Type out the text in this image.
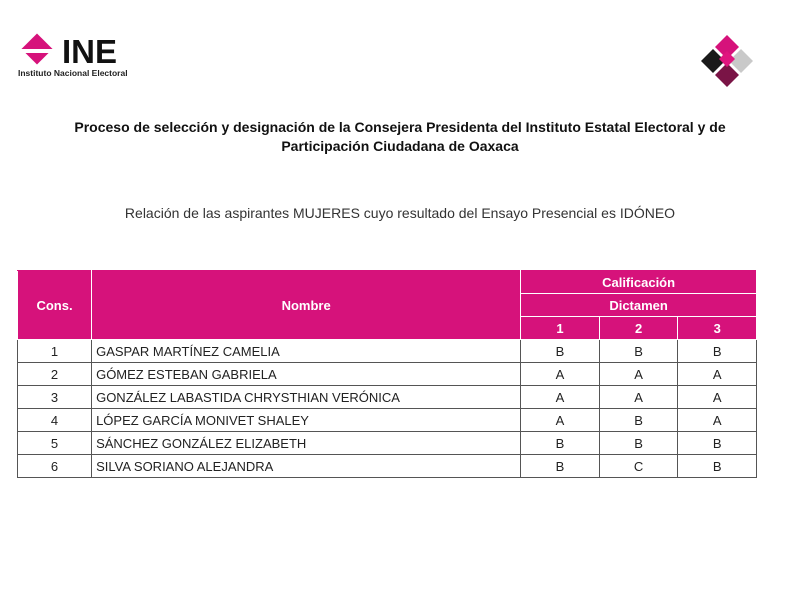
INE
Instituto Nacional Electoral
Proceso de selección y designación de la Consejera Presidenta del Instituto Estatal Electoral y de
Participación Ciudadana de Oaxaca
Relación de las aspirantes MUJERES cuyo resultado del Ensayo Presencial es IDÓNEO
Cons.	Nombre	Calificación		
		Dictamen		
		1	2	3
1	GASPAR MARTÍNEZ CAMELIA	B	B	B
2	GÓMEZ ESTEBAN GABRIELA	A	A	A
3	GONZÁLEZ LABASTIDA CHRYSTHIAN VERÓNICA	A	A	A
4	LÓPEZ GARCÍA MONIVET SHALEY	A	B	A
5	SÁNCHEZ GONZÁLEZ ELIZABETH	B	B	B
6	SILVA SORIANO ALEJANDRA	B	C	B
